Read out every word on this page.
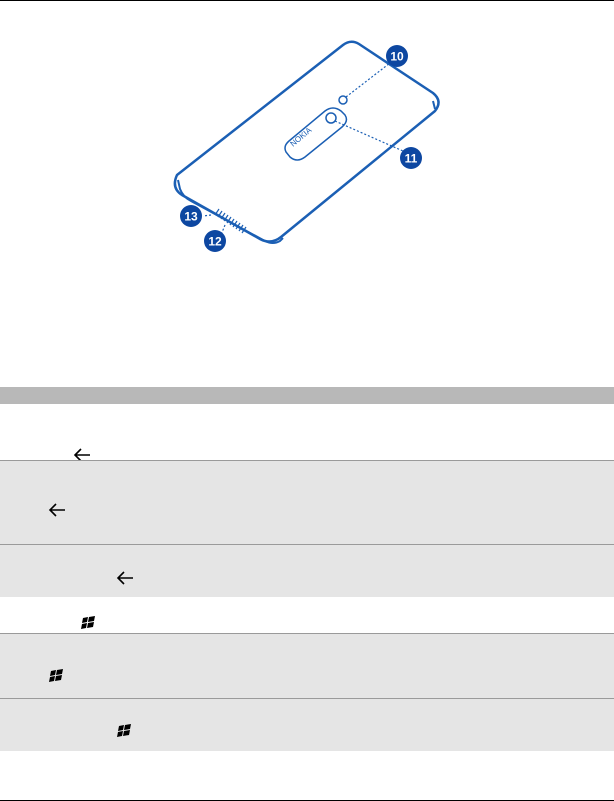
NOKIA
10
11
12
13
